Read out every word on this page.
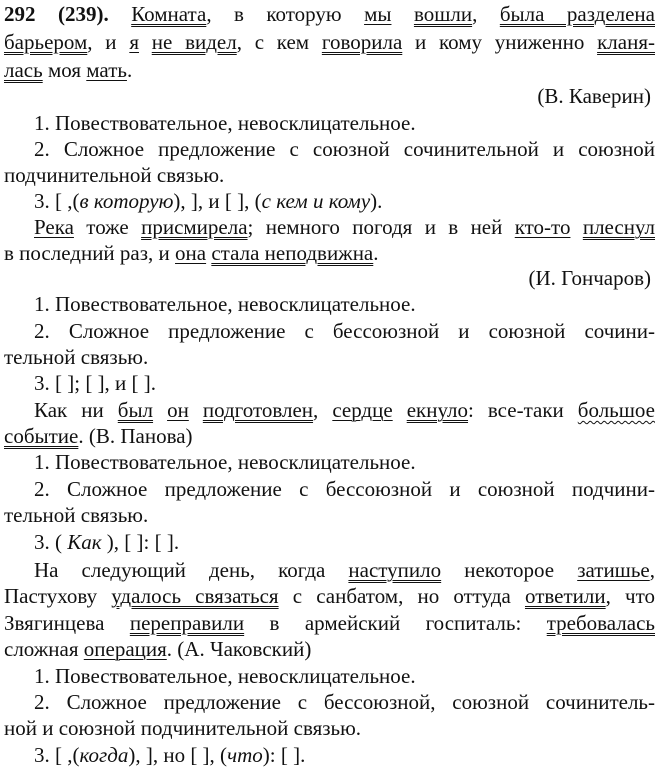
292 (239). Комната, в которую мы вошли, была разделена
барьером, и я не видел, с кем говорила и кому униженно кланя-
лась моя мать.
(В. Каверин)
1. Повествовательное, невосклицательное.
2. Сложное предложение с союзной сочинительной и союзной
подчинительной связью.
3. [ ,(в которую), ], и [ ], (с кем и кому).
Река тоже присмирела; немного погодя и в ней кто-то плеснул
в последний раз, и она стала неподвижна.
(И. Гончаров)
1. Повествовательное, невосклицательное.
2. Сложное предложение с бессоюзной и союзной сочини-
тельной связью.
3. [ ]; [ ], и [ ].
Как ни был он подготовлен, сердце екнуло: все-таки большое
событие. (В. Панова)
1. Повествовательное, невосклицательное.
2. Сложное предложение с бессоюзной и союзной подчини-
тельной связью.
3. ( Как ), [ ]: [ ].
На следующий день, когда наступило некоторое затишье,
Пастухову удалось связаться с санбатом, но оттуда ответили, что
Звягинцева переправили в армейский госпиталь: требовалась
сложная операция. (А. Чаковский)
1. Повествовательное, невосклицательное.
2. Сложное предложение с бессоюзной, союзной сочинитель-
ной и союзной подчинительной связью.
3. [ ,(когда), ], но [ ], (что): [ ].
